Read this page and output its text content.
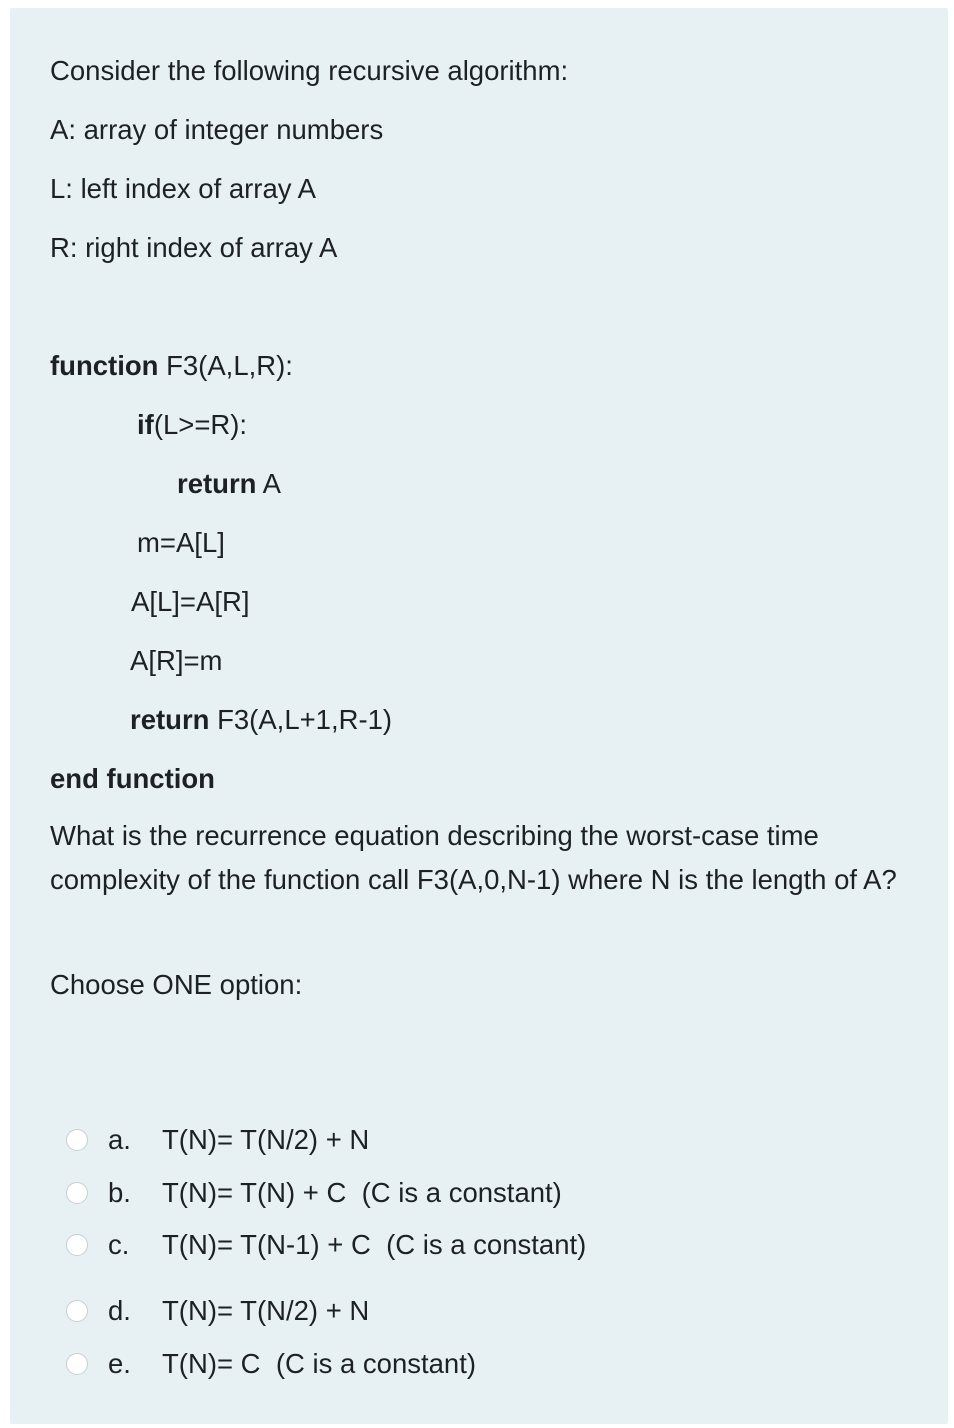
Consider the following recursive algorithm:
A: array of integer numbers
L: left index of array A
R: right index of array A
function F3(A,L,R):
if(L>=R):
return A
m=A[L]
A[L]=A[R]
A[R]=m
return F3(A,L+1,R-1)
end function
What is the recurrence equation describing the worst-case time complexity of the function call F3(A,0,N-1) where N is the length of A?
Choose ONE option:
a.	T(N)= T(N/2) + N
b.	T(N)= T(N) + C  (C is a constant)
c.	T(N)= T(N-1) + C  (C is a constant)
d.	T(N)= T(N/2) + N
e.	T(N)= C  (C is a constant)
